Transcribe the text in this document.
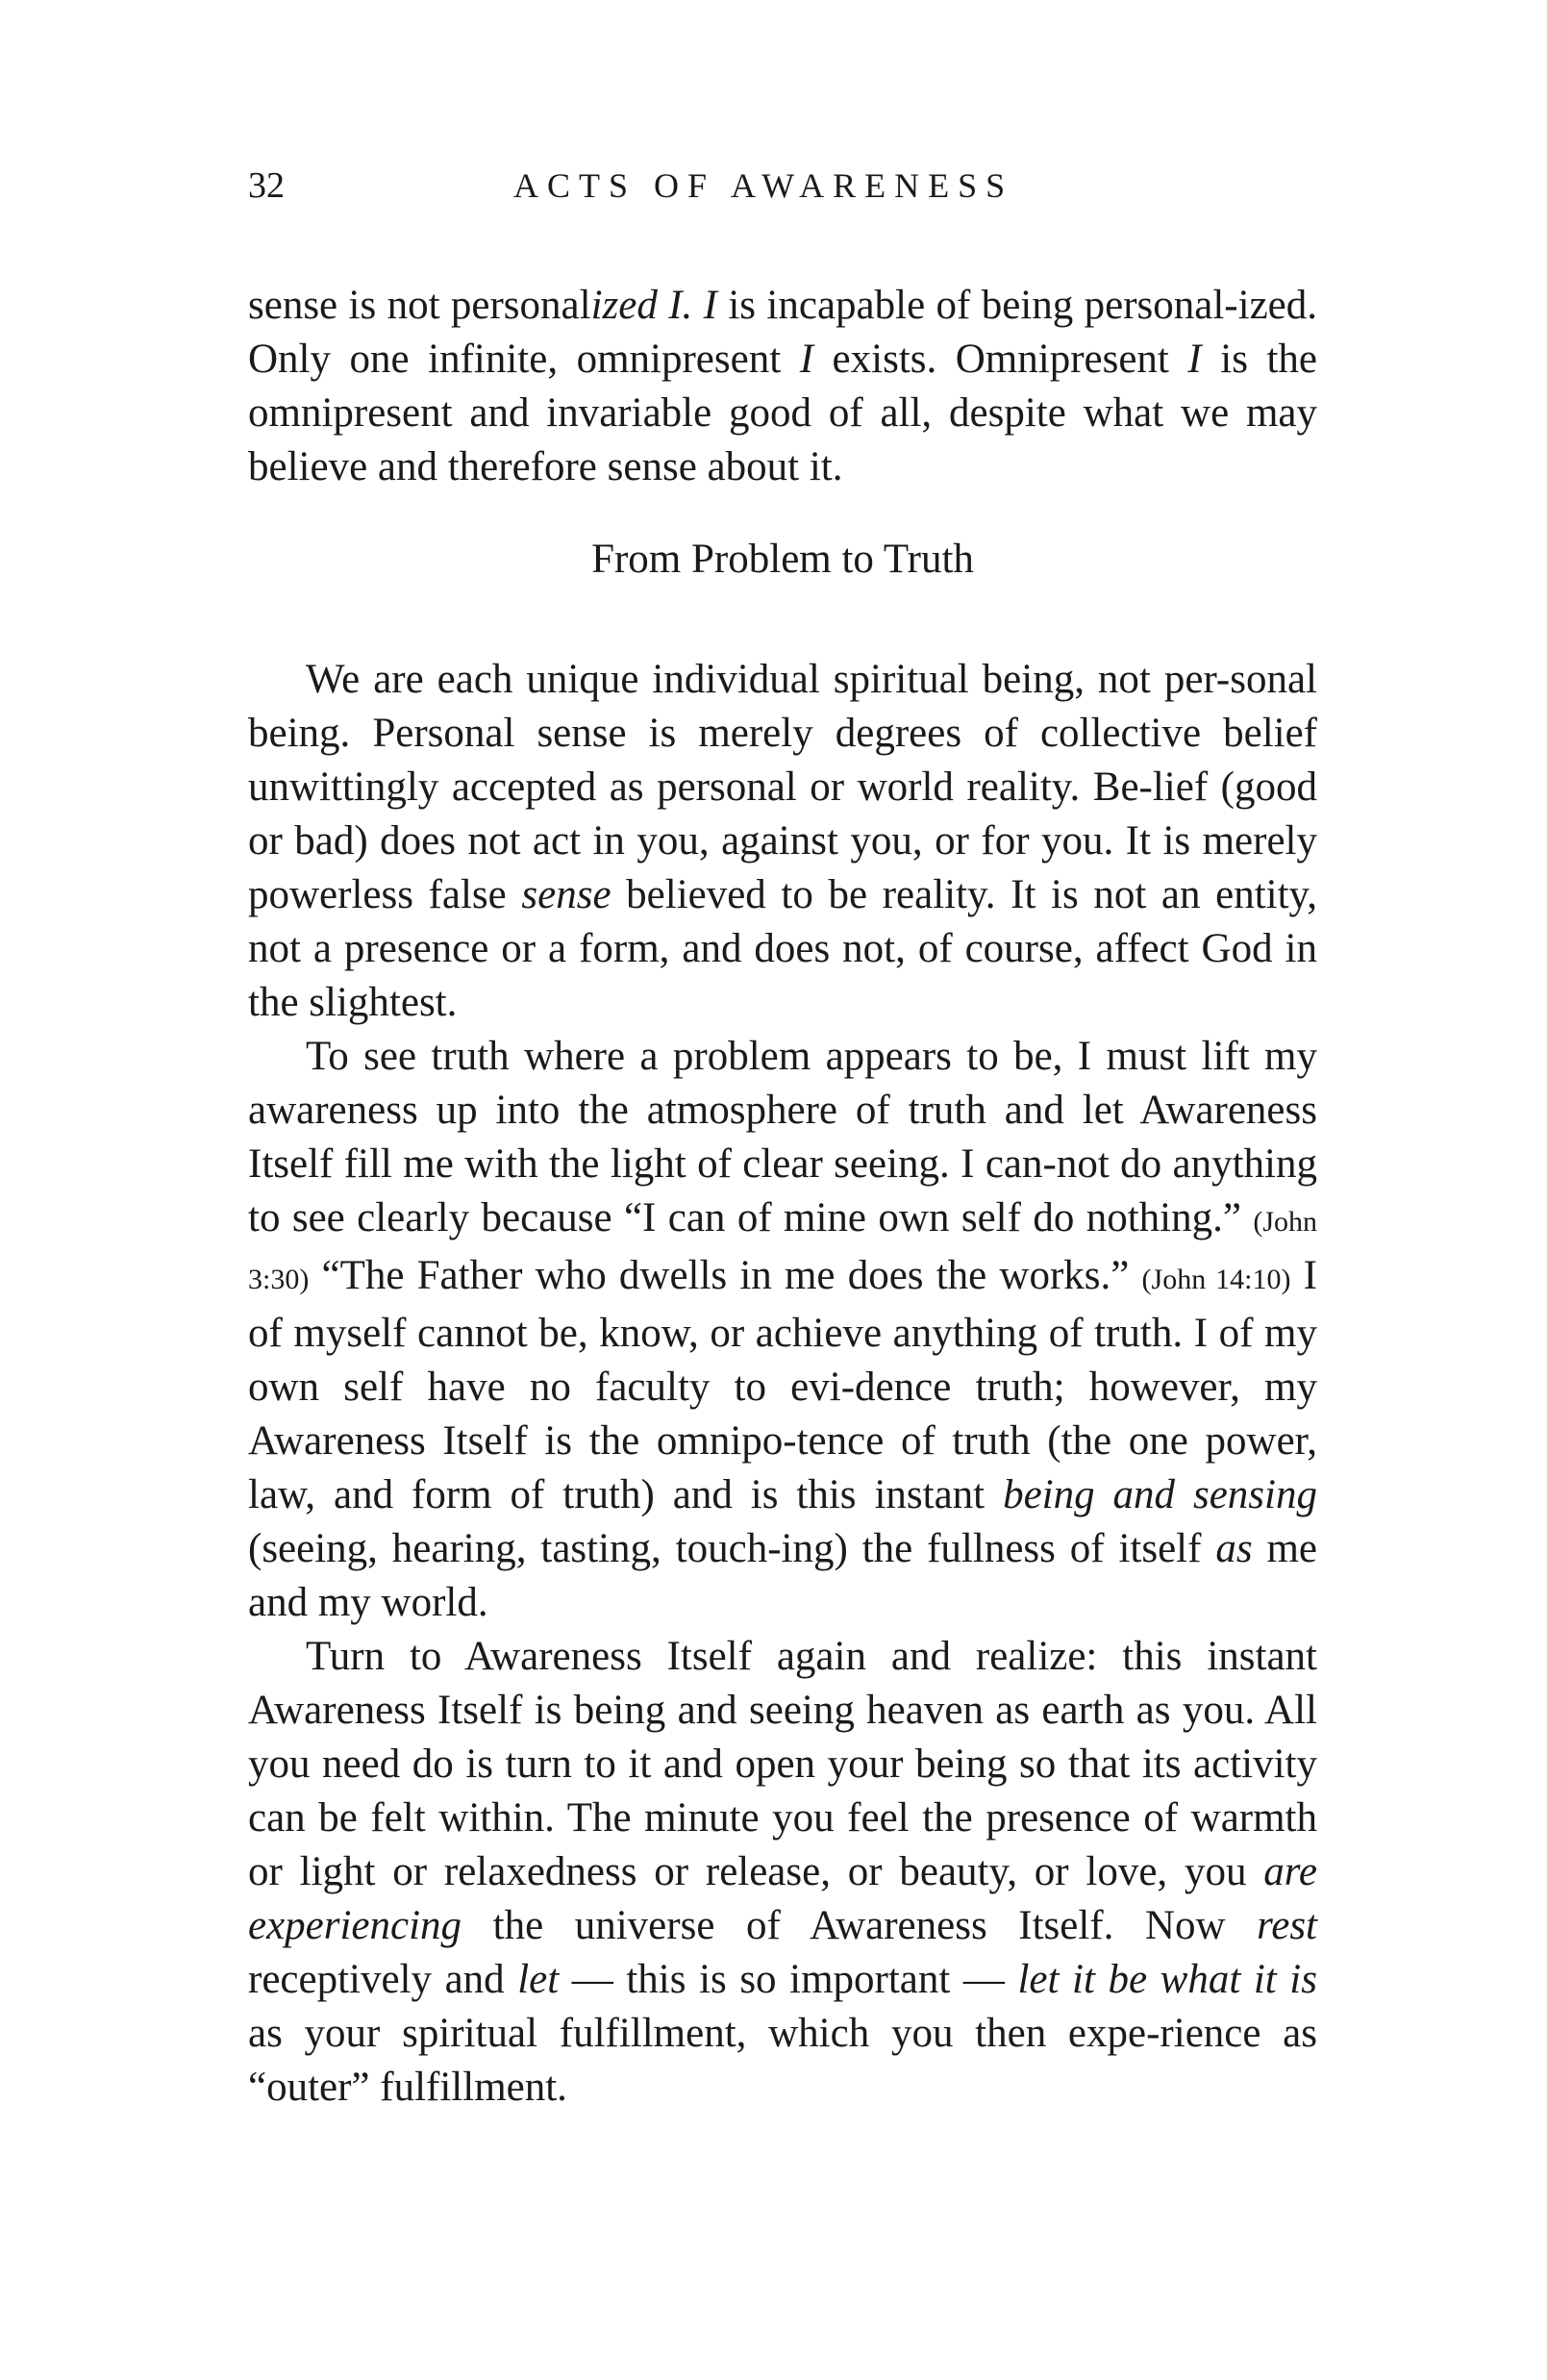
32	ACTS OF AWARENESS

sense is not personalized I. I is incapable of being personal-ized. Only one infinite, omnipresent I exists. Omnipresent I is the omnipresent and invariable good of all, despite what we may believe and therefore sense about it.

From Problem to Truth

We are each unique individual spiritual being, not per-sonal being. Personal sense is merely degrees of collective belief unwittingly accepted as personal or world reality. Be-lief (good or bad) does not act in you, against you, or for you. It is merely powerless false sense believed to be reality. It is not an entity, not a presence or a form, and does not, of course, affect God in the slightest.

To see truth where a problem appears to be, I must lift my awareness up into the atmosphere of truth and let Awareness Itself fill me with the light of clear seeing. I can-not do anything to see clearly because “I can of mine own self do nothing.” (John 3:30) “The Father who dwells in me does the works.” (John 14:10) I of myself cannot be, know, or achieve anything of truth. I of my own self have no faculty to evi-dence truth; however, my Awareness Itself is the omnipo-tence of truth (the one power, law, and form of truth) and is this instant being and sensing (seeing, hearing, tasting, touch-ing) the fullness of itself as me and my world.

Turn to Awareness Itself again and realize: this instant Awareness Itself is being and seeing heaven as earth as you. All you need do is turn to it and open your being so that its activity can be felt within. The minute you feel the presence of warmth or light or relaxedness or release, or beauty, or love, you are experiencing the universe of Awareness Itself. Now rest receptively and let — this is so important — let it be what it is as your spiritual fulfillment, which you then expe-rience as “outer” fulfillment.
